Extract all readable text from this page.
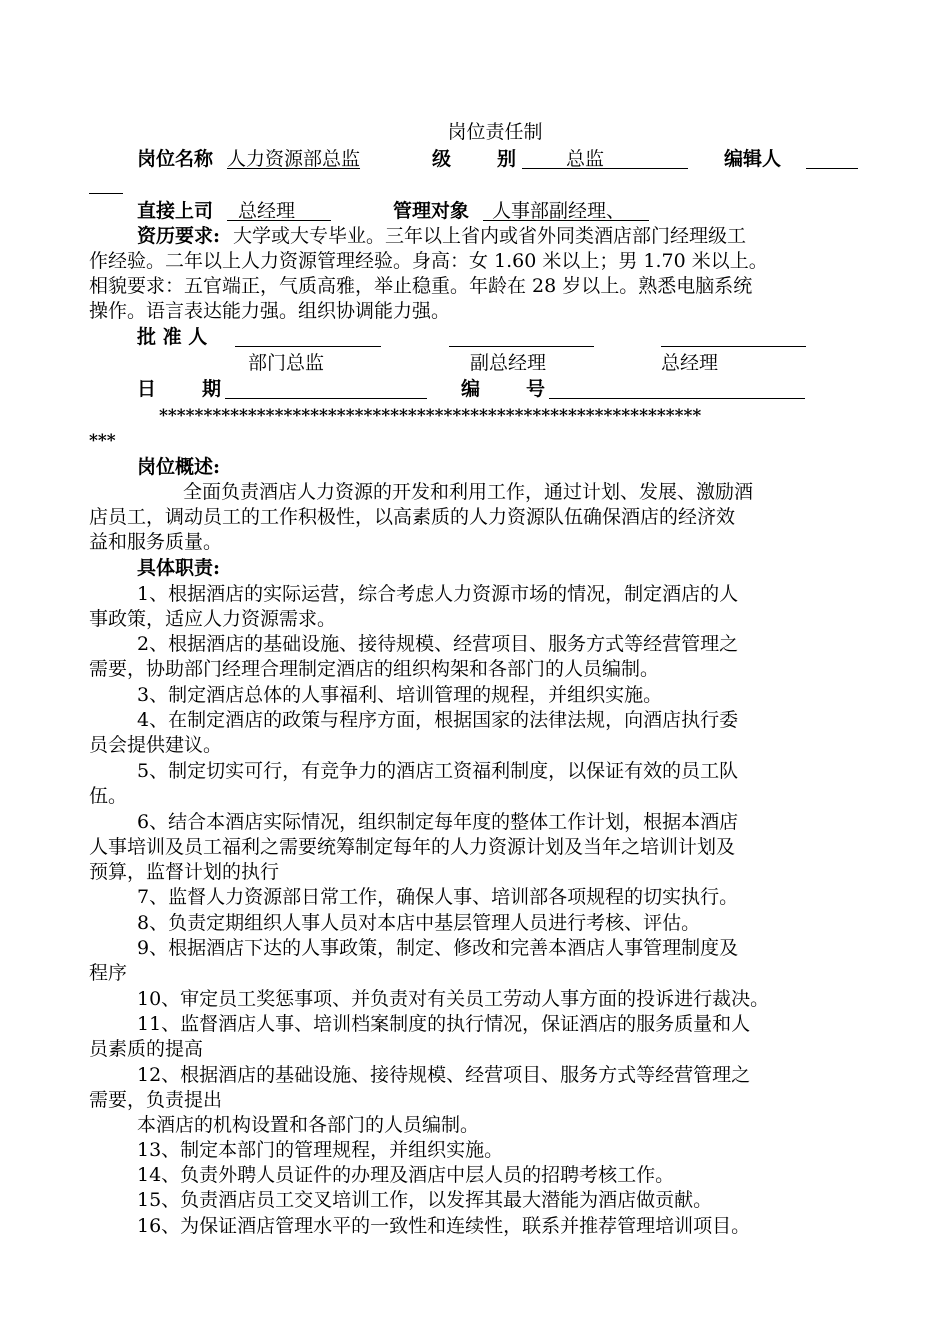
岗位责任制
岗位名称 人力资源部总监	级 别	总监	编辑人
直接上司 总经理	管理对象 人事部副经理、
资历要求: 大学或大专毕业。三年以上省内或省外同类酒店部门经理级工
作经验。二年以上人力资源管理经验。身高：女 1.60 米以上；男 1.70 米以上。
相貌要求：五官端正，气质高雅，举止稳重。年龄在 28 岁以上。熟悉电脑系统
操作。语言表达能力强。组织协调能力强。
批 准 人
部门总监	副总经理	总经理
日 期	编 号
*************************************************************
***
岗位概述:
全面负责酒店人力资源的开发和利用工作，通过计划、发展、激励酒
店员工，调动员工的工作积极性，以高素质的人力资源队伍确保酒店的经济效
益和服务质量。
具体职责:
1、根据酒店的实际运营，综合考虑人力资源市场的情况，制定酒店的人
事政策，适应人力资源需求。
2、根据酒店的基础设施、接待规模、经营项目、服务方式等经营管理之
需要，协助部门经理合理制定酒店的组织构架和各部门的人员编制。
3、制定酒店总体的人事福利、培训管理的规程，并组织实施。
4、在制定酒店的政策与程序方面，根据国家的法律法规，向酒店执行委
员会提供建议。
5、制定切实可行，有竞争力的酒店工资福利制度，以保证有效的员工队
伍。
6、结合本酒店实际情况，组织制定每年度的整体工作计划，根据本酒店
人事培训及员工福利之需要统筹制定每年的人力资源计划及当年之培训计划及
预算，监督计划的执行
7、监督人力资源部日常工作，确保人事、培训部各项规程的切实执行。
8、负责定期组织人事人员对本店中基层管理人员进行考核、评估。
9、根据酒店下达的人事政策，制定、修改和完善本酒店人事管理制度及
程序
10、审定员工奖惩事项、并负责对有关员工劳动人事方面的投诉进行裁决。
11、监督酒店人事、培训档案制度的执行情况，保证酒店的服务质量和人
员素质的提高
12、根据酒店的基础设施、接待规模、经营项目、服务方式等经营管理之
需要，负责提出
本酒店的机构设置和各部门的人员编制。
13、制定本部门的管理规程，并组织实施。
14、负责外聘人员证件的办理及酒店中层人员的招聘考核工作。
15、负责酒店员工交叉培训工作，以发挥其最大潜能为酒店做贡献。
16、为保证酒店管理水平的一致性和连续性，联系并推荐管理培训项目。
